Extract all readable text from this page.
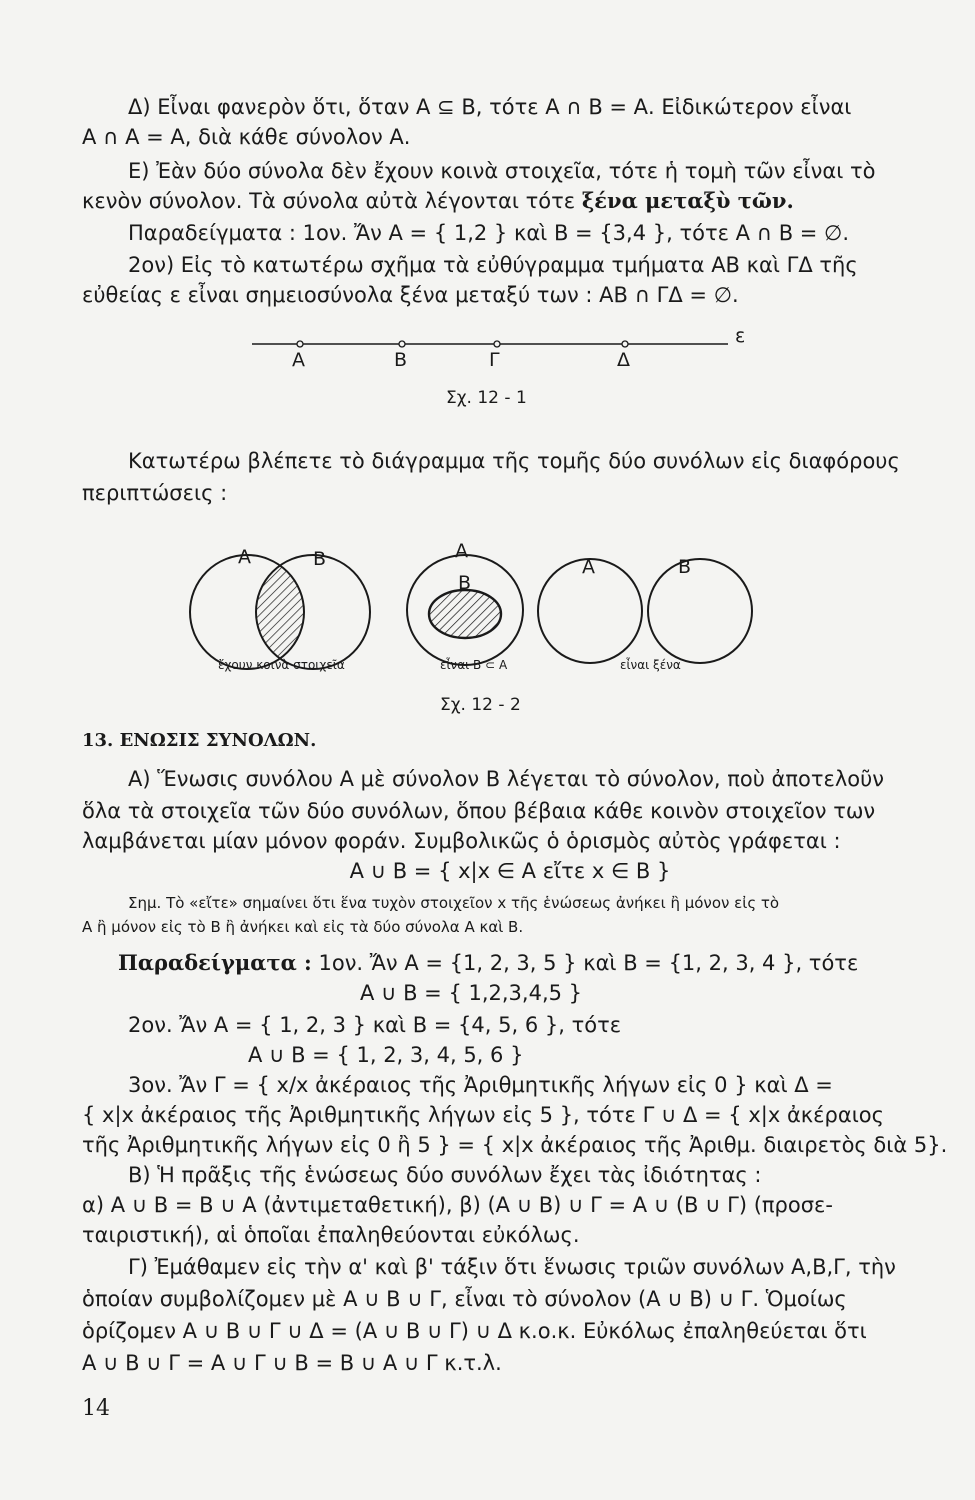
Δ) Εἶναι φανερὸν ὅτι, ὅταν Α ⊆ Β, τότε Α ∩ Β = Α. Εἰδικώτερον εἶναι
Α ∩ Α = Α, διὰ κάθε σύνολον Α.
Ε) Ἐὰν δύο σύνολα δὲν ἔχουν κοινὰ στοιχεῖα, τότε ἡ τομὴ τῶν εἶναι τὸ
κενὸν σύνολον. Τὰ σύνολα αὐτὰ λέγονται τότε ξένα μεταξὺ τῶν.
Παραδείγματα : 1ον. Ἄν Α = { 1,2 } καὶ Β = {3,4 }, τότε Α ∩ Β = ∅.
2ον) Εἰς τὸ κατωτέρω σχῆμα τὰ εὐθύγραμμα τμήματα ΑΒ καὶ ΓΔ τῆς
εὐθείας ε εἶναι σημειοσύνολα ξένα μεταξύ των : ΑΒ ∩ ΓΔ = ∅.
Α	Β	Γ	Δ
ε
Σχ. 12 - 1
Κατωτέρω βλέπετε τὸ διάγραμμα τῆς τομῆς δύο συνόλων εἰς διαφόρους
περιπτώσεις :
Α	Β	Α
Β
Α	Β
ἔχουν κοινὰ στοιχεῖα	εἶναι Β ⊂ Α	εἶναι ξένα
Σχ. 12 - 2
13. ΕΝΩΣΙΣ ΣΥΝΟΛΩΝ.
Α) Ἕνωσις συνόλου Α μὲ σύνολον Β λέγεται τὸ σύνολον, ποὺ ἀποτελοῦν
ὅλα τὰ στοιχεῖα τῶν δύο συνόλων, ὅπου βέβαια κάθε κοινὸν στοιχεῖον των
λαμβάνεται μίαν μόνον φοράν. Συμβολικῶς ὁ ὁρισμὸς αὐτὸς γράφεται :
Α ∪ Β = { x|x ∈ Α εἴτε x ∈ Β }
Σημ. Τὸ «εἴτε» σημαίνει ὅτι ἕνα τυχὸν στοιχεῖον x τῆς ἑνώσεως ἀνήκει ἢ μόνον εἰς τὸ
Α ἢ μόνον εἰς τὸ Β ἢ ἀνήκει καὶ εἰς τὰ δύο σύνολα Α καὶ Β.
Παραδείγματα : 1ον. Ἄν Α = {1, 2, 3, 5 } καὶ Β = {1, 2, 3, 4 }, τότε
Α ∪ Β = { 1,2,3,4,5 }
2ον. Ἄν Α = { 1, 2, 3 } καὶ Β = {4, 5, 6 }, τότε
Α ∪ Β = { 1, 2, 3, 4, 5, 6 }
3ον. Ἄν Γ = { x/x ἀκέραιος τῆς Ἀριθμητικῆς λήγων εἰς 0 } καὶ Δ =
{ x|x ἀκέραιος τῆς Ἀριθμητικῆς λήγων εἰς 5 }, τότε Γ ∪ Δ = { x|x ἀκέραιος
τῆς Ἀριθμητικῆς λήγων εἰς 0 ἢ 5 } = { x|x ἀκέραιος τῆς Ἀριθμ. διαιρετὸς διὰ 5}.
Β) Ἡ πρᾶξις τῆς ἑνώσεως δύο συνόλων ἔχει τὰς ἰδιότητας :
α) Α ∪ Β = Β ∪ Α (ἀντιμεταθετική), β) (Α ∪ Β) ∪ Γ = Α ∪ (Β ∪ Γ) (προσε-
ταιριστική), αἱ ὁποῖαι ἐπαληθεύονται εὐκόλως.
Γ) Ἐμάθαμεν εἰς τὴν α' καὶ β' τάξιν ὅτι ἕνωσις τριῶν συνόλων Α,Β,Γ, τὴν
ὁποίαν συμβολίζομεν μὲ Α ∪ Β ∪ Γ, εἶναι τὸ σύνολον (Α ∪ Β) ∪ Γ. Ὁμοίως
ὁρίζομεν Α ∪ Β ∪ Γ ∪ Δ = (Α ∪ Β ∪ Γ) ∪ Δ κ.ο.κ. Εὐκόλως ἐπαληθεύεται ὅτι
Α ∪ Β ∪ Γ = Α ∪ Γ ∪ Β = Β ∪ Α ∪ Γ κ.τ.λ.
14
